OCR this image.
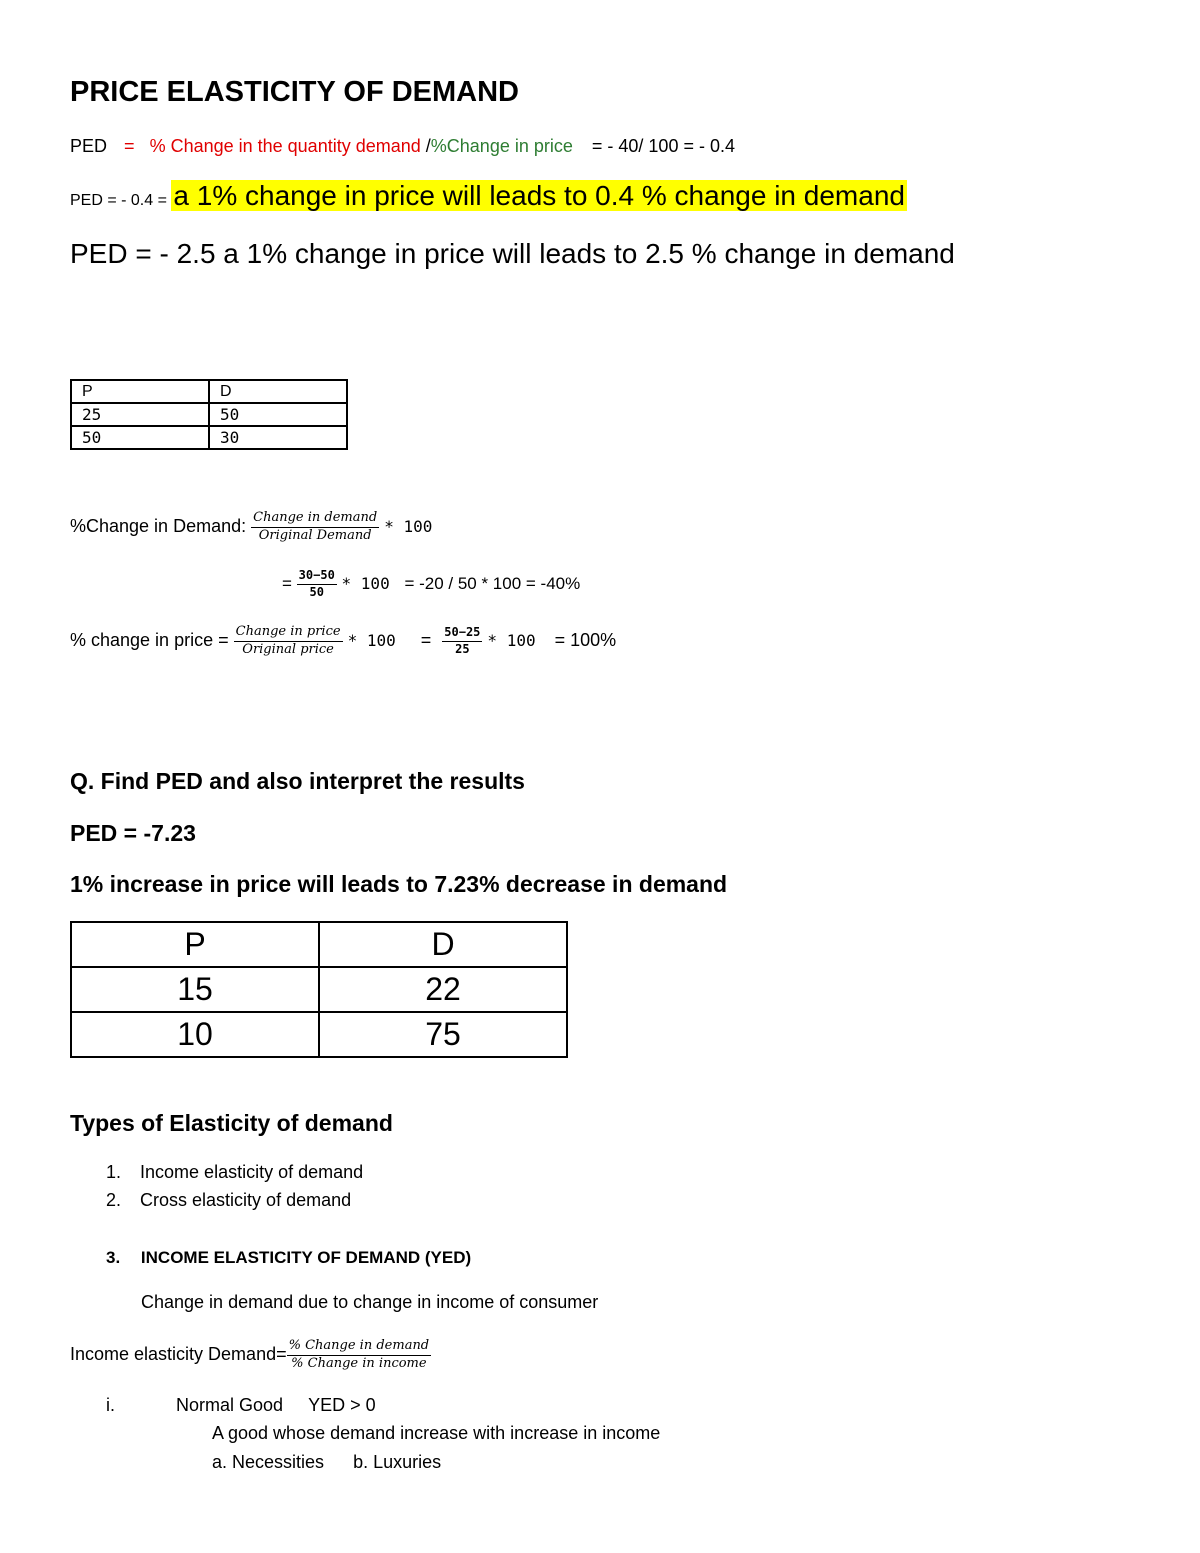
PRICE ELASTICITY OF DEMAND
PED = % Change in the quantity demand /%Change in price = - 40/ 100 = - 0.4
PED = - 0.4 = a 1% change in price will leads to 0.4 % change in demand
PED = - 2.5 a 1% change in price will leads to 2.5 % change in demand
P	D
25	50
50	30
%Change in Demand: $\frac{\text{Change in demand}}{\text{Original Demand}} * 100$
= $\frac{30-50}{50} * 100 = -20 / 50 * 100 = -40\%$
% change in price = $\frac{\text{Change in price}}{\text{Original price}} * 100 = \frac{50-25}{25} * 100 = 100\%$
Q. Find PED and also interpret the results
PED = -7.23
1% increase in price will leads to 7.23% decrease in demand
P	D
15	22
10	75
Types of Elasticity of demand
1. Income elasticity of demand
2. Cross elasticity of demand
3. INCOME ELASTICITY OF DEMAND (YED)
Change in demand due to change in income of consumer
Income elasticity Demand= $\frac{\text{\% Change in demand}}{\text{\% Change in income}}$
i.	Normal Good YED > 0
A good whose demand increase with increase in income
a. Necessities b. Luxuries
